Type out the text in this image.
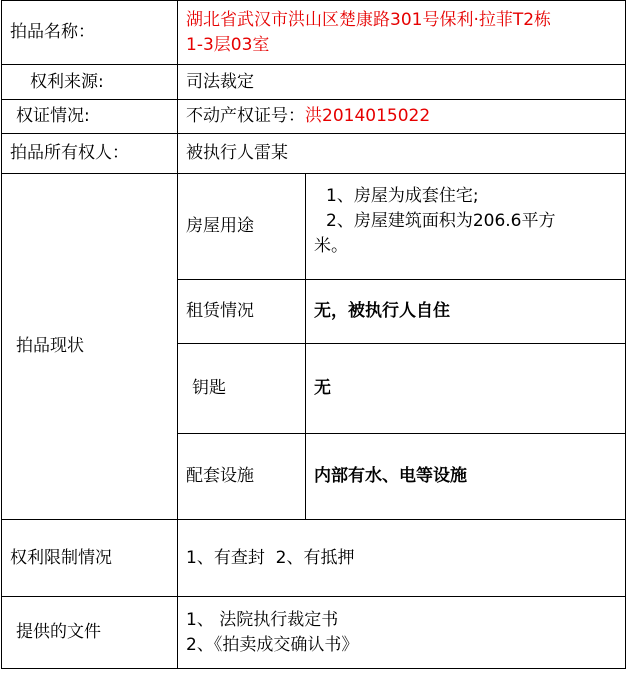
拍品名称：	湖北省武汉市洪山区楚康路301号保利·拉菲T2栋
1-3层03室	

权利来源:	司法裁定	
权证情况:	不动产权证号：洪2014015022	
拍品所有权人：	被执行人雷某	
拍品现状	房屋用途	1、房屋为成套住宅;
2、房屋建筑面积为206.6平方
米。

	租赁情况	无，被执行人自住
	钥匙	无
	配套设施	内部有水、电等设施
权利限制情况	1、有查封  2、有抵押	
提供的文件	1、 法院执行裁定书
2、《拍卖成交确认书》	
